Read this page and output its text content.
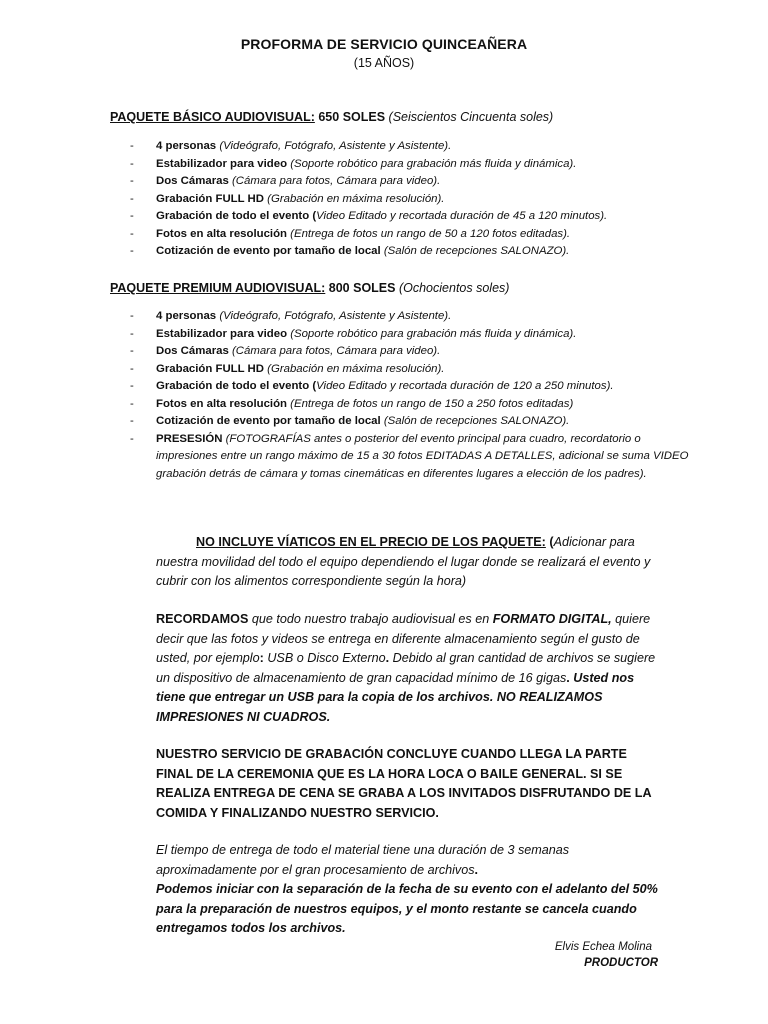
PROFORMA DE SERVICIO QUINCEAÑERA
(15 AÑOS)
PAQUETE BÁSICO AUDIOVISUAL: 650 SOLES (Seiscientos Cincuenta soles)
- 4 personas (Videógrafo, Fotógrafo, Asistente y Asistente).
- Estabilizador para video (Soporte robótico para grabación más fluida y dinámica).
- Dos Cámaras (Cámara para fotos, Cámara para video).
- Grabación FULL HD (Grabación en máxima resolución).
- Grabación de todo el evento (Video Editado y recortada duración de 45 a 120 minutos).
- Fotos en alta resolución (Entrega de fotos un rango de 50 a 120 fotos editadas).
- Cotización de evento por tamaño de local (Salón de recepciones SALONAZO).
PAQUETE PREMIUM AUDIOVISUAL: 800 SOLES (Ochocientos soles)
- 4 personas (Videógrafo, Fotógrafo, Asistente y Asistente).
- Estabilizador para video (Soporte robótico para grabación más fluida y dinámica).
- Dos Cámaras (Cámara para fotos, Cámara para video).
- Grabación FULL HD (Grabación en máxima resolución).
- Grabación de todo el evento (Video Editado y recortada duración de 120 a 250 minutos).
- Fotos en alta resolución (Entrega de fotos un rango de 150 a 250 fotos editadas)
- Cotización de evento por tamaño de local (Salón de recepciones SALONAZO).
- PRESESIÓN (FOTOGRAFÍAS antes o posterior del evento principal para cuadro, recordatorio o impresiones entre un rango máximo de 15 a 30 fotos EDITADAS A DETALLES, adicional se suma VIDEO grabación detrás de cámara y tomas cinemáticas en diferentes lugares a elección de los padres).
NO INCLUYE VÍATICOS EN EL PRECIO DE LOS PAQUETE: (Adicionar para nuestra movilidad del todo el equipo dependiendo el lugar donde se realizará el evento y cubrir con los alimentos correspondiente según la hora)
RECORDAMOS que todo nuestro trabajo audiovisual es en FORMATO DIGITAL, quiere decir que las fotos y videos se entrega en diferente almacenamiento según el gusto de usted, por ejemplo: USB o Disco Externo. Debido al gran cantidad de archivos se sugiere un dispositivo de almacenamiento de gran capacidad mínimo de 16 gigas. Usted nos tiene que entregar un USB para la copia de los archivos. NO REALIZAMOS IMPRESIONES NI CUADROS.
NUESTRO SERVICIO DE GRABACIÓN CONCLUYE CUANDO LLEGA LA PARTE FINAL DE LA CEREMONIA QUE ES LA HORA LOCA O BAILE GENERAL. SI SE REALIZA ENTREGA DE CENA SE GRABA A LOS INVITADOS DISFRUTANDO DE LA COMIDA Y FINALIZANDO NUESTRO SERVICIO.
El tiempo de entrega de todo el material tiene una duración de 3 semanas aproximadamente por el gran procesamiento de archivos.
Podemos iniciar con la separación de la fecha de su evento con el adelanto del 50% para la preparación de nuestros equipos, y el monto restante se cancela cuando entregamos todos los archivos.
Elvis Echea Molina
PRODUCTOR
